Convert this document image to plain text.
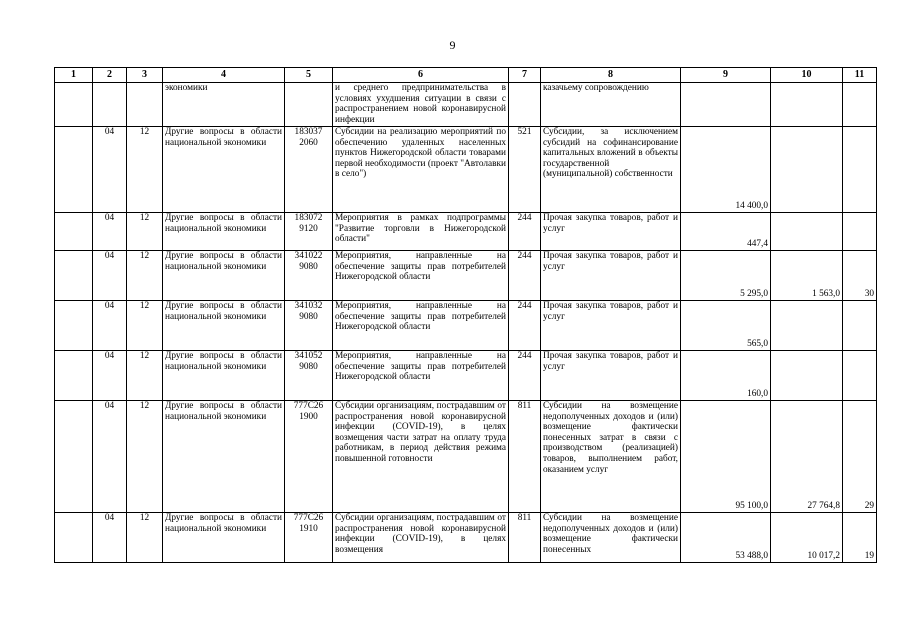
9
1	2	3	4	5	6	7	8	9	10	11
			экономики		и среднего предпринимательства в условиях ухудшения ситуации в связи с распространением новой коронавирусной инфекции		казачьему сопровождению			
	04	12	Другие вопросы в области национальной экономики	183037 2060	Субсидии на реализацию мероприятий по обеспечению удаленных населенных пунктов Нижегородской области товарами первой необходимости (проект "Автолавки в село")	521	Субсидии, за исключением субсидий на софинансирование капитальных вложений в объекты государственной (муниципальной) собственности	14 400,0		
	04	12	Другие вопросы в области национальной экономики	183072 9120	Мероприятия в рамках подпрограммы "Развитие торговли в Нижегородской области"	244	Прочая закупка товаров, работ и услуг	447,4		
	04	12	Другие вопросы в области национальной экономики	341022 9080	Мероприятия, направленные на обеспечение защиты прав потребителей Нижегородской области	244	Прочая закупка товаров, работ и услуг	5 295,0	1 563,0	30
	04	12	Другие вопросы в области национальной экономики	341032 9080	Мероприятия, направленные на обеспечение защиты прав потребителей Нижегородской области	244	Прочая закупка товаров, работ и услуг	565,0		
	04	12	Другие вопросы в области национальной экономики	341052 9080	Мероприятия, направленные на обеспечение защиты прав потребителей Нижегородской области	244	Прочая закупка товаров, работ и услуг	160,0		
	04	12	Другие вопросы в области национальной экономики	777С26 1900	Субсидии организациям, пострадавшим от распространения новой коронавирусной инфекции (COVID-19), в целях возмещения части затрат на оплату труда работникам, в период действия режима повышенной готовности	811	Субсидии на возмещение недополученных доходов и (или) возмещение фактически понесенных затрат в связи с производством (реализацией) товаров, выполнением работ, оказанием услуг	95 100,0	27 764,8	29
	04	12	Другие вопросы в области национальной экономики	777С26 1910	Субсидии организациям, пострадавшим от распространения новой коронавирусной инфекции (COVID-19), в целях возмещения	811	Субсидии на возмещение недополученных доходов и (или) возмещение фактически понесенных	53 488,0	10 017,2	19
